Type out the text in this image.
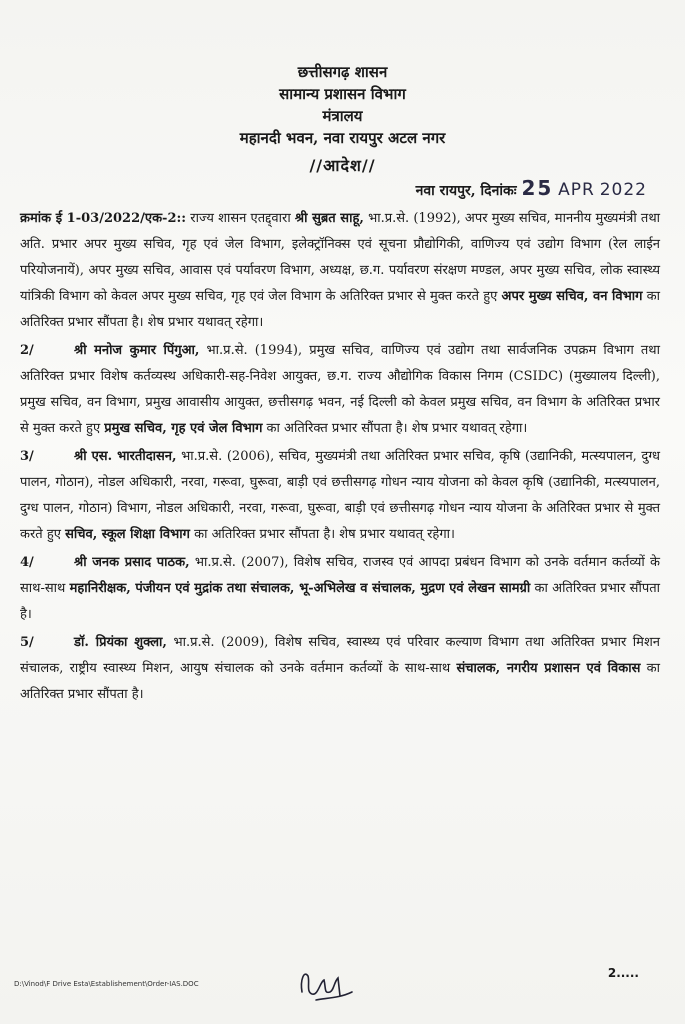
छत्तीसगढ़ शासन
सामान्य प्रशासन विभाग
मंत्रालय
महानदी भवन, नवा रायपुर अटल नगर
//आदेश//
नवा रायपुर, दिनांकः 25 APR 2022
क्रमांक ई 1-03/2022/एक-2:: राज्य शासन एतद्द्वारा श्री सुब्रत साहू, भा.प्र.से. (1992), अपर मुख्य सचिव, माननीय मुख्यमंत्री तथा अति. प्रभार अपर मुख्य सचिव, गृह एवं जेल विभाग, इलेक्ट्रॉनिक्स एवं सूचना प्रौद्योगिकी, वाणिज्य एवं उद्योग विभाग (रेल लाईन परियोजनायें), अपर मुख्य सचिव, आवास एवं पर्यावरण विभाग, अध्यक्ष, छ.ग. पर्यावरण संरक्षण मण्डल, अपर मुख्य सचिव, लोक स्वास्थ्य यांत्रिकी विभाग को केवल अपर मुख्य सचिव, गृह एवं जेल विभाग के अतिरिक्त प्रभार से मुक्त करते हुए अपर मुख्य सचिव, वन विभाग का अतिरिक्त प्रभार सौंपता है। शेष प्रभार यथावत् रहेगा।
2/	श्री मनोज कुमार पिंगुआ, भा.प्र.से. (1994), प्रमुख सचिव, वाणिज्य एवं उद्योग तथा सार्वजनिक उपक्रम विभाग तथा अतिरिक्त प्रभार विशेष कर्तव्यस्थ अधिकारी-सह-निवेश आयुक्त, छ.ग. राज्य औद्योगिक विकास निगम (CSIDC) (मुख्यालय दिल्ली), प्रमुख सचिव, वन विभाग, प्रमुख आवासीय आयुक्त, छत्तीसगढ़ भवन, नई दिल्ली को केवल प्रमुख सचिव, वन विभाग के अतिरिक्त प्रभार से मुक्त करते हुए प्रमुख सचिव, गृह एवं जेल विभाग का अतिरिक्त प्रभार सौंपता है। शेष प्रभार यथावत् रहेगा।
3/	श्री एस. भारतीदासन, भा.प्र.से. (2006), सचिव, मुख्यमंत्री तथा अतिरिक्त प्रभार सचिव, कृषि (उद्यानिकी, मत्स्यपालन, दुग्ध पालन, गोठान), नोडल अधिकारी, नरवा, गरूवा, घुरूवा, बाड़ी एवं छत्तीसगढ़ गोधन न्याय योजना को केवल कृषि (उद्यानिकी, मत्स्यपालन, दुग्ध पालन, गोठान) विभाग, नोडल अधिकारी, नरवा, गरूवा, घुरूवा, बाड़ी एवं छत्तीसगढ़ गोधन न्याय योजना के अतिरिक्त प्रभार से मुक्त करते हुए सचिव, स्कूल शिक्षा विभाग का अतिरिक्त प्रभार सौंपता है। शेष प्रभार यथावत् रहेगा।
4/	श्री जनक प्रसाद पाठक, भा.प्र.से. (2007), विशेष सचिव, राजस्व एवं आपदा प्रबंधन विभाग को उनके वर्तमान कर्तव्यों के साथ-साथ महानिरीक्षक, पंजीयन एवं मुद्रांक तथा संचालक, भू-अभिलेख व संचालक, मुद्रण एवं लेखन सामग्री का अतिरिक्त प्रभार सौंपता है।
5/	डॉ. प्रियंका शुक्ला, भा.प्र.से. (2009), विशेष सचिव, स्वास्थ्य एवं परिवार कल्याण विभाग तथा अतिरिक्त प्रभार मिशन संचालक, राष्ट्रीय स्वास्थ्य मिशन, आयुष संचालक को उनके वर्तमान कर्तव्यों के साथ-साथ संचालक, नगरीय प्रशासन एवं विकास का अतिरिक्त प्रभार सौंपता है।
D:\Vinod\F Drive Esta\Establishement\Order-IAS.DOC
2.....
